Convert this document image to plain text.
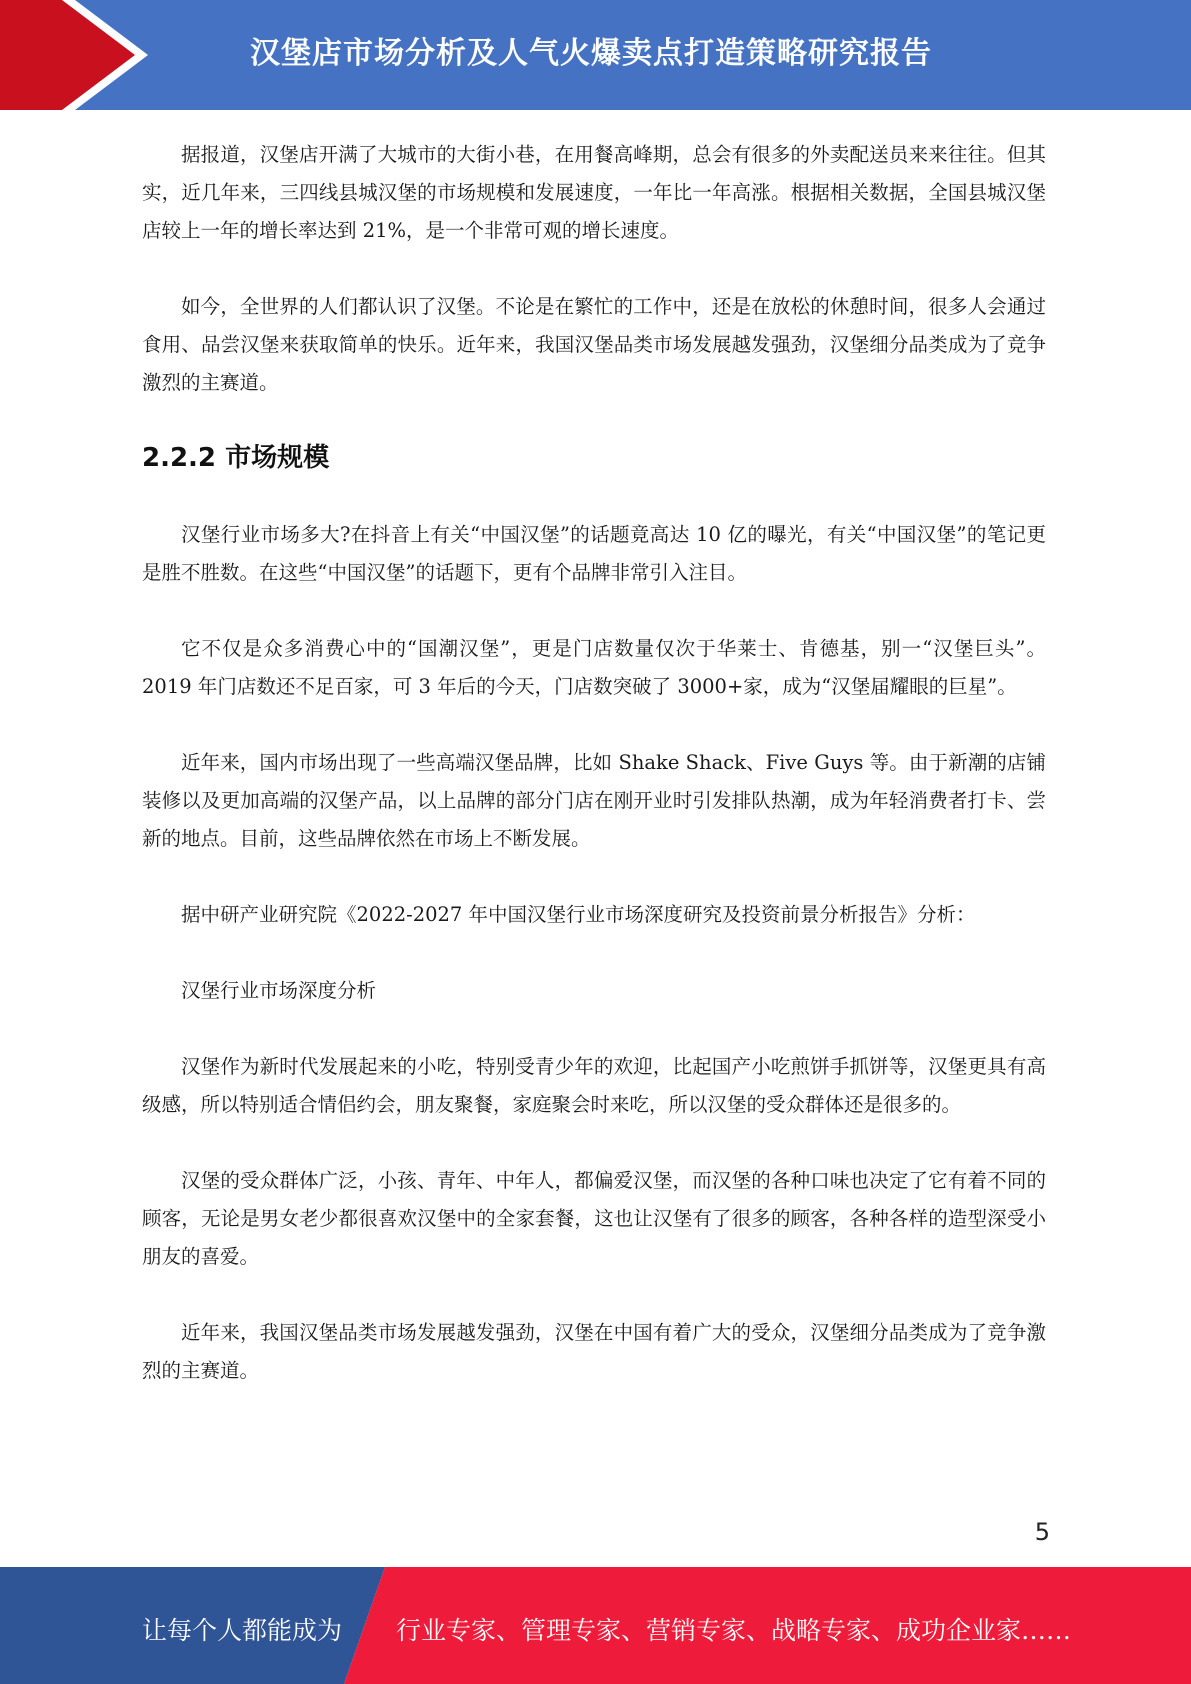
汉堡店市场分析及人气火爆卖点打造策略研究报告

据报道，汉堡店开满了大城市的大街小巷，在用餐高峰期，总会有很多的外卖配送员来来往往。但其实，近几年来，三四线县城汉堡的市场规模和发展速度，一年比一年高涨。根据相关数据，全国县城汉堡店较上一年的增长率达到 21%，是一个非常可观的增长速度。

如今，全世界的人们都认识了汉堡。不论是在繁忙的工作中，还是在放松的休憩时间，很多人会通过食用、品尝汉堡来获取简单的快乐。近年来，我国汉堡品类市场发展越发强劲，汉堡细分品类成为了竞争激烈的主赛道。

2.2.2 市场规模

汉堡行业市场多大?在抖音上有关“中国汉堡”的话题竟高达 10 亿的曝光，有关“中国汉堡”的笔记更是胜不胜数。在这些“中国汉堡”的话题下，更有个品牌非常引入注目。

它不仅是众多消费心中的“国潮汉堡”，更是门店数量仅次于华莱士、肯德基，别一“汉堡巨头”。2019 年门店数还不足百家，可 3 年后的今天，门店数突破了 3000+家，成为“汉堡届耀眼的巨星”。

近年来，国内市场出现了一些高端汉堡品牌，比如 Shake Shack、Five Guys 等。由于新潮的店铺装修以及更加高端的汉堡产品，以上品牌的部分门店在刚开业时引发排队热潮，成为年轻消费者打卡、尝新的地点。目前，这些品牌依然在市场上不断发展。

据中研产业研究院《2022-2027 年中国汉堡行业市场深度研究及投资前景分析报告》分析：

汉堡行业市场深度分析

汉堡作为新时代发展起来的小吃，特别受青少年的欢迎，比起国产小吃煎饼手抓饼等，汉堡更具有高级感，所以特别适合情侣约会，朋友聚餐，家庭聚会时来吃，所以汉堡的受众群体还是很多的。

汉堡的受众群体广泛，小孩、青年、中年人，都偏爱汉堡，而汉堡的各种口味也决定了它有着不同的顾客，无论是男女老少都很喜欢汉堡中的全家套餐，这也让汉堡有了很多的顾客，各种各样的造型深受小朋友的喜爱。

近年来，我国汉堡品类市场发展越发强劲，汉堡在中国有着广大的受众，汉堡细分品类成为了竞争激烈的主赛道。

5
让每个人都能成为 行业专家、管理专家、营销专家、战略专家、成功企业家……
